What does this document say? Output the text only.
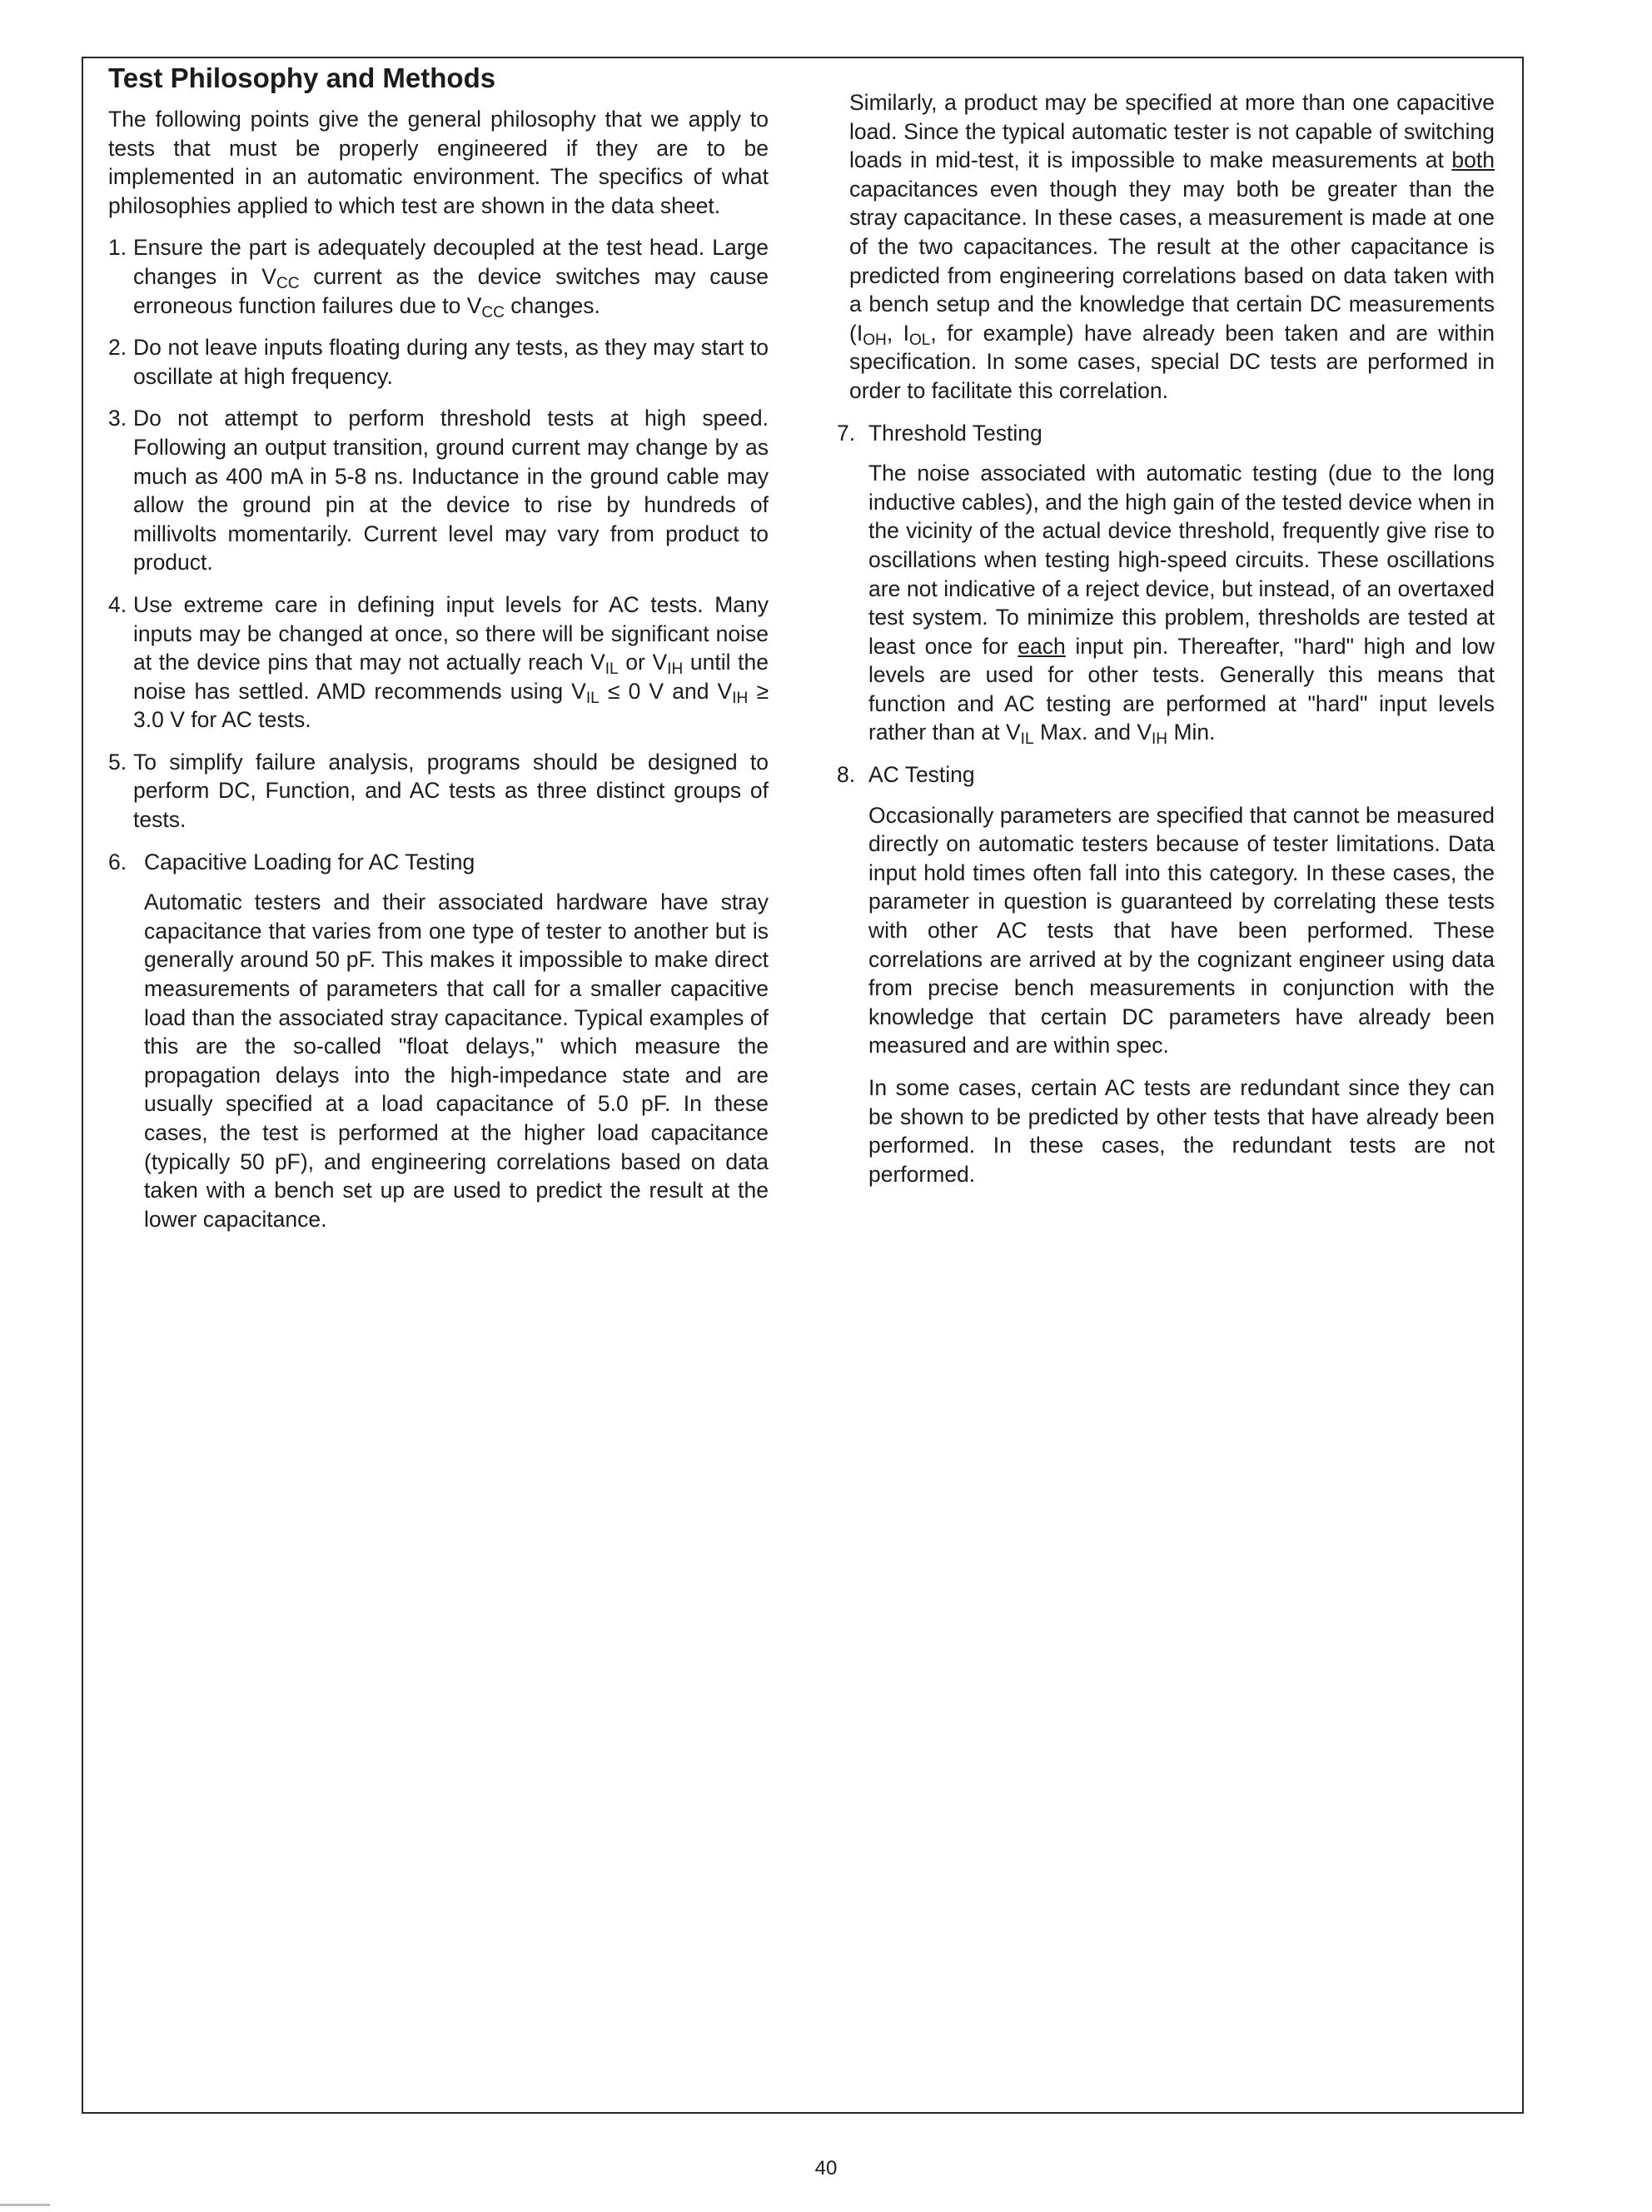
Test Philosophy and Methods

The following points give the general philosophy that we apply to tests that must be properly engineered if they are to be implemented in an automatic environment. The specifics of what philosophies applied to which test are shown in the data sheet.

1. Ensure the part is adequately decoupled at the test head. Large changes in $V_{CC}$ current as the device switches may cause erroneous function failures due to $V_{CC}$ changes.
2. Do not leave inputs floating during any tests, as they may start to oscillate at high frequency.
3. Do not attempt to perform threshold tests at high speed. Following an output transition, ground current may change by as much as 400 mA in 5-8 ns. Inductance in the ground cable may allow the ground pin at the device to rise by hundreds of millivolts momentarily. Current level may vary from product to product.
4. Use extreme care in defining input levels for AC tests. Many inputs may be changed at once, so there will be significant noise at the device pins that may not actually reach $V_{IL}$ or $V_{IH}$ until the noise has settled. AMD recommends using $V_{IL} \le 0$ V and $V_{IH} \ge 3.0$ V for AC tests.
5. To simplify failure analysis, programs should be designed to perform DC, Function, and AC tests as three distinct groups of tests.
6. Capacitive Loading for AC Testing

Automatic testers and their associated hardware have stray capacitance that varies from one type of tester to another but is generally around 50 pF. This makes it impossible to make direct measurements of parameters that call for a smaller capacitive load than the associated stray capacitance. Typical examples of this are the so-called "float delays," which measure the propagation delays into the high-impedance state and are usually specified at a load capacitance of 5.0 pF. In these cases, the test is performed at the higher load capacitance (typically 50 pF), and engineering correlations based on data taken with a bench set up are used to predict the result at the lower capacitance.

Similarly, a product may be specified at more than one capacitive load. Since the typical automatic tester is not capable of switching loads in mid-test, it is impossible to make measurements at both capacitances even though they may both be greater than the stray capacitance. In these cases, a measurement is made at one of the two capacitances. The result at the other capacitance is predicted from engineering correlations based on data taken with a bench setup and the knowledge that certain DC measurements ($I_{OH}$, $I_{OL}$, for example) have already been taken and are within specification. In some cases, special DC tests are performed in order to facilitate this correlation.

7. Threshold Testing

The noise associated with automatic testing (due to the long inductive cables), and the high gain of the tested device when in the vicinity of the actual device threshold, frequently give rise to oscillations when testing high-speed circuits. These oscillations are not indicative of a reject device, but instead, of an overtaxed test system. To minimize this problem, thresholds are tested at least once for each input pin. Thereafter, "hard" high and low levels are used for other tests. Generally this means that function and AC testing are performed at "hard" input levels rather than at $V_{IL}$ Max. and $V_{IH}$ Min.

8. AC Testing

Occasionally parameters are specified that cannot be measured directly on automatic testers because of tester limitations. Data input hold times often fall into this category. In these cases, the parameter in question is guaranteed by correlating these tests with other AC tests that have been performed. These correlations are arrived at by the cognizant engineer using data from precise bench measurements in conjunction with the knowledge that certain DC parameters have already been measured and are within spec.

In some cases, certain AC tests are redundant since they can be shown to be predicted by other tests that have already been performed. In these cases, the redundant tests are not performed.

40
